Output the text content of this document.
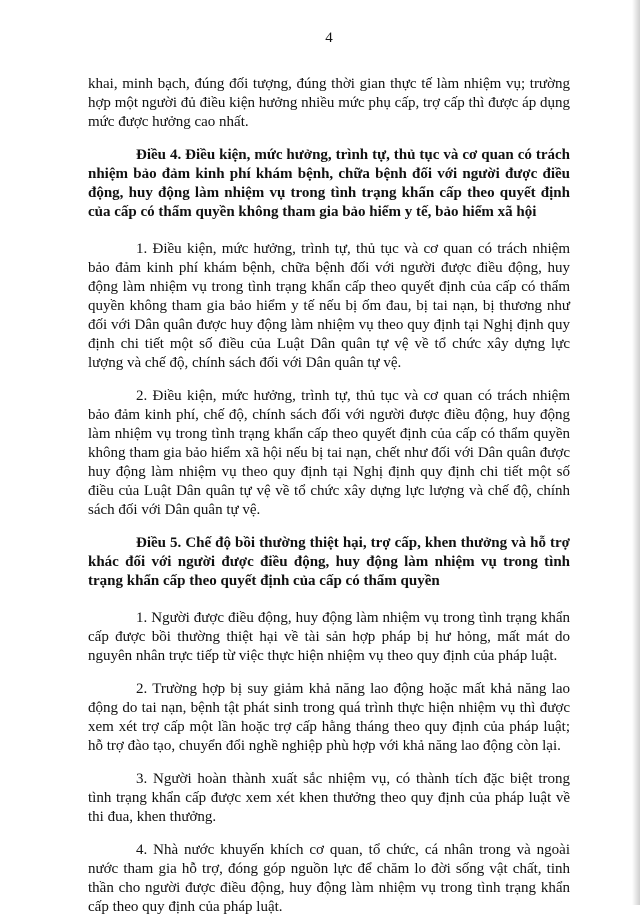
4

khai, minh bạch, đúng đối tượng, đúng thời gian thực tế làm nhiệm vụ; trường hợp một người đủ điều kiện hưởng nhiều mức phụ cấp, trợ cấp thì được áp dụng mức được hưởng cao nhất.

Điều 4. Điều kiện, mức hưởng, trình tự, thủ tục và cơ quan có trách nhiệm bảo đảm kinh phí khám bệnh, chữa bệnh đối với người được điều động, huy động làm nhiệm vụ trong tình trạng khẩn cấp theo quyết định của cấp có thẩm quyền không tham gia bảo hiểm y tế, bảo hiểm xã hội

1. Điều kiện, mức hưởng, trình tự, thủ tục và cơ quan có trách nhiệm bảo đảm kinh phí khám bệnh, chữa bệnh đối với người được điều động, huy động làm nhiệm vụ trong tình trạng khẩn cấp theo quyết định của cấp có thẩm quyền không tham gia bảo hiểm y tế nếu bị ốm đau, bị tai nạn, bị thương như đối với Dân quân được huy động làm nhiệm vụ theo quy định tại Nghị định quy định chi tiết một số điều của Luật Dân quân tự vệ về tổ chức xây dựng lực lượng và chế độ, chính sách đối với Dân quân tự vệ.

2. Điều kiện, mức hưởng, trình tự, thủ tục và cơ quan có trách nhiệm bảo đảm kinh phí, chế độ, chính sách đối với người được điều động, huy động làm nhiệm vụ trong tình trạng khẩn cấp theo quyết định của cấp có thẩm quyền không tham gia bảo hiểm xã hội nếu bị tai nạn, chết như đối với Dân quân được huy động làm nhiệm vụ theo quy định tại Nghị định quy định chi tiết một số điều của Luật Dân quân tự vệ về tổ chức xây dựng lực lượng và chế độ, chính sách đối với Dân quân tự vệ.

Điều 5. Chế độ bồi thường thiệt hại, trợ cấp, khen thưởng và hỗ trợ khác đối với người được điều động, huy động làm nhiệm vụ trong tình trạng khẩn cấp theo quyết định của cấp có thẩm quyền

1. Người được điều động, huy động làm nhiệm vụ trong tình trạng khẩn cấp được bồi thường thiệt hại về tài sản hợp pháp bị hư hỏng, mất mát do nguyên nhân trực tiếp từ việc thực hiện nhiệm vụ theo quy định của pháp luật.

2. Trường hợp bị suy giảm khả năng lao động hoặc mất khả năng lao động do tai nạn, bệnh tật phát sinh trong quá trình thực hiện nhiệm vụ thì được xem xét trợ cấp một lần hoặc trợ cấp hằng tháng theo quy định của pháp luật; hỗ trợ đào tạo, chuyển đổi nghề nghiệp phù hợp với khả năng lao động còn lại.

3. Người hoàn thành xuất sắc nhiệm vụ, có thành tích đặc biệt trong tình trạng khẩn cấp được xem xét khen thưởng theo quy định của pháp luật về thi đua, khen thưởng.

4. Nhà nước khuyến khích cơ quan, tổ chức, cá nhân trong và ngoài nước tham gia hỗ trợ, đóng góp nguồn lực để chăm lo đời sống vật chất, tinh thần cho người được điều động, huy động làm nhiệm vụ trong tình trạng khẩn cấp theo quy định của pháp luật.
